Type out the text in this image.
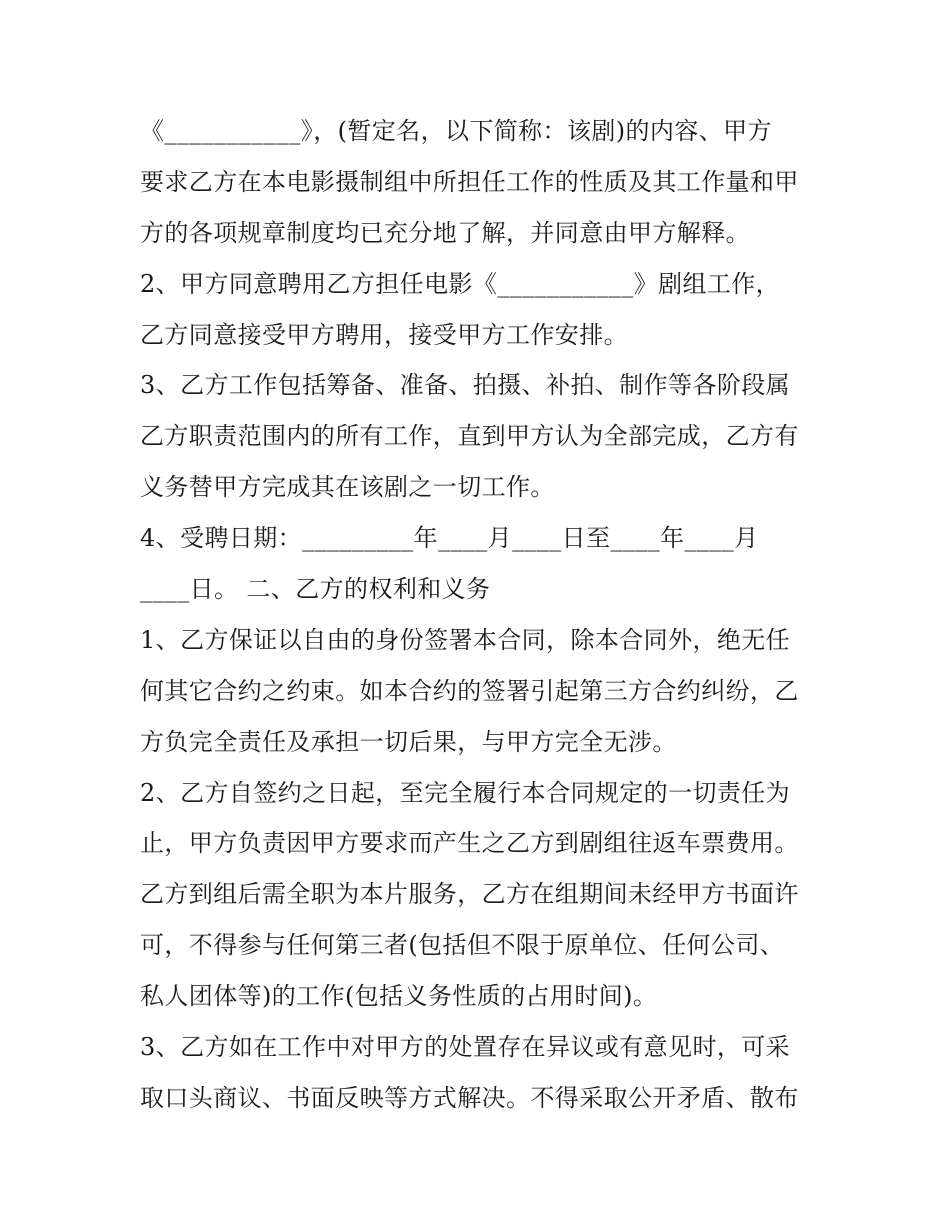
《___________》，(暂定名，以下简称：该剧)的内容、甲方
要求乙方在本电影摄制组中所担任工作的性质及其工作量和甲
方的各项规章制度均已充分地了解，并同意由甲方解释。
2、甲方同意聘用乙方担任电影《___________》剧组工作，
乙方同意接受甲方聘用，接受甲方工作安排。
3、乙方工作包括筹备、准备、拍摄、补拍、制作等各阶段属
乙方职责范围内的所有工作，直到甲方认为全部完成，乙方有
义务替甲方完成其在该剧之一切工作。
4、受聘日期：_________年____月____日至____年____月
____日。 二、乙方的权利和义务
1、乙方保证以自由的身份签署本合同，除本合同外，绝无任
何其它合约之约束。如本合约的签署引起第三方合约纠纷，乙
方负完全责任及承担一切后果，与甲方完全无涉。
2、乙方自签约之日起，至完全履行本合同规定的一切责任为
止，甲方负责因甲方要求而产生之乙方到剧组往返车票费用。
乙方到组后需全职为本片服务，乙方在组期间未经甲方书面许
可，不得参与任何第三者(包括但不限于原单位、任何公司、
私人团体等)的工作(包括义务性质的占用时间)。
3、乙方如在工作中对甲方的处置存在异议或有意见时，可采
取口头商议、书面反映等方式解决。不得采取公开矛盾、散布
